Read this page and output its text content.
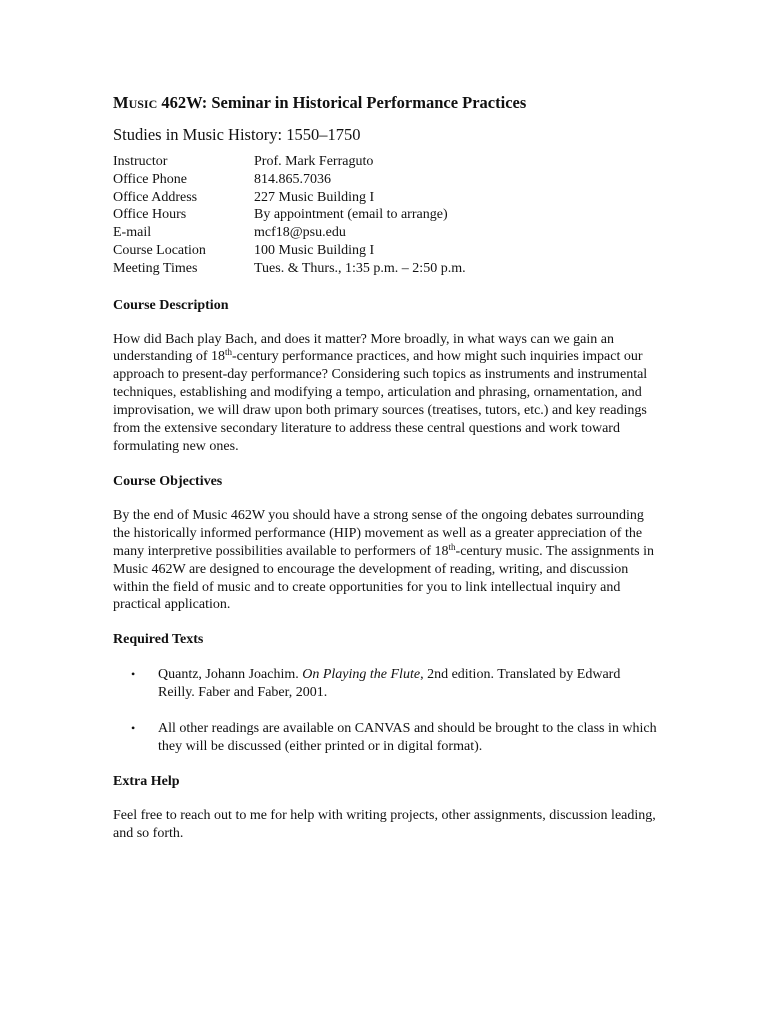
MUSIC 462W: Seminar in Historical Performance Practices

Studies in Music History: 1550–1750

Instructor	Prof. Mark Ferraguto
Office Phone	814.865.7036
Office Address	227 Music Building I
Office Hours	By appointment (email to arrange)
E-mail	mcf18@psu.edu
Course Location	100 Music Building I
Meeting Times	Tues. & Thurs., 1:35 p.m. – 2:50 p.m.
Course Description

How did Bach play Bach, and does it matter? More broadly, in what ways can we gain an understanding of 18th-century performance practices, and how might such inquiries impact our approach to present-day performance? Considering such topics as instruments and instrumental techniques, establishing and modifying a tempo, articulation and phrasing, ornamentation, and improvisation, we will draw upon both primary sources (treatises, tutors, etc.) and key readings from the extensive secondary literature to address these central questions and work toward formulating new ones.

Course Objectives

By the end of Music 462W you should have a strong sense of the ongoing debates surrounding the historically informed performance (HIP) movement as well as a greater appreciation of the many interpretive possibilities available to performers of 18th-century music. The assignments in Music 462W are designed to encourage the development of reading, writing, and discussion within the field of music and to create opportunities for you to link intellectual inquiry and practical application.

Required Texts
• Quantz, Johann Joachim. On Playing the Flute, 2nd edition. Translated by Edward Reilly. Faber and Faber, 2001.
• All other readings are available on CANVAS and should be brought to the class in which they will be discussed (either printed or in digital format).
Extra Help

Feel free to reach out to me for help with writing projects, other assignments, discussion leading, and so forth.
